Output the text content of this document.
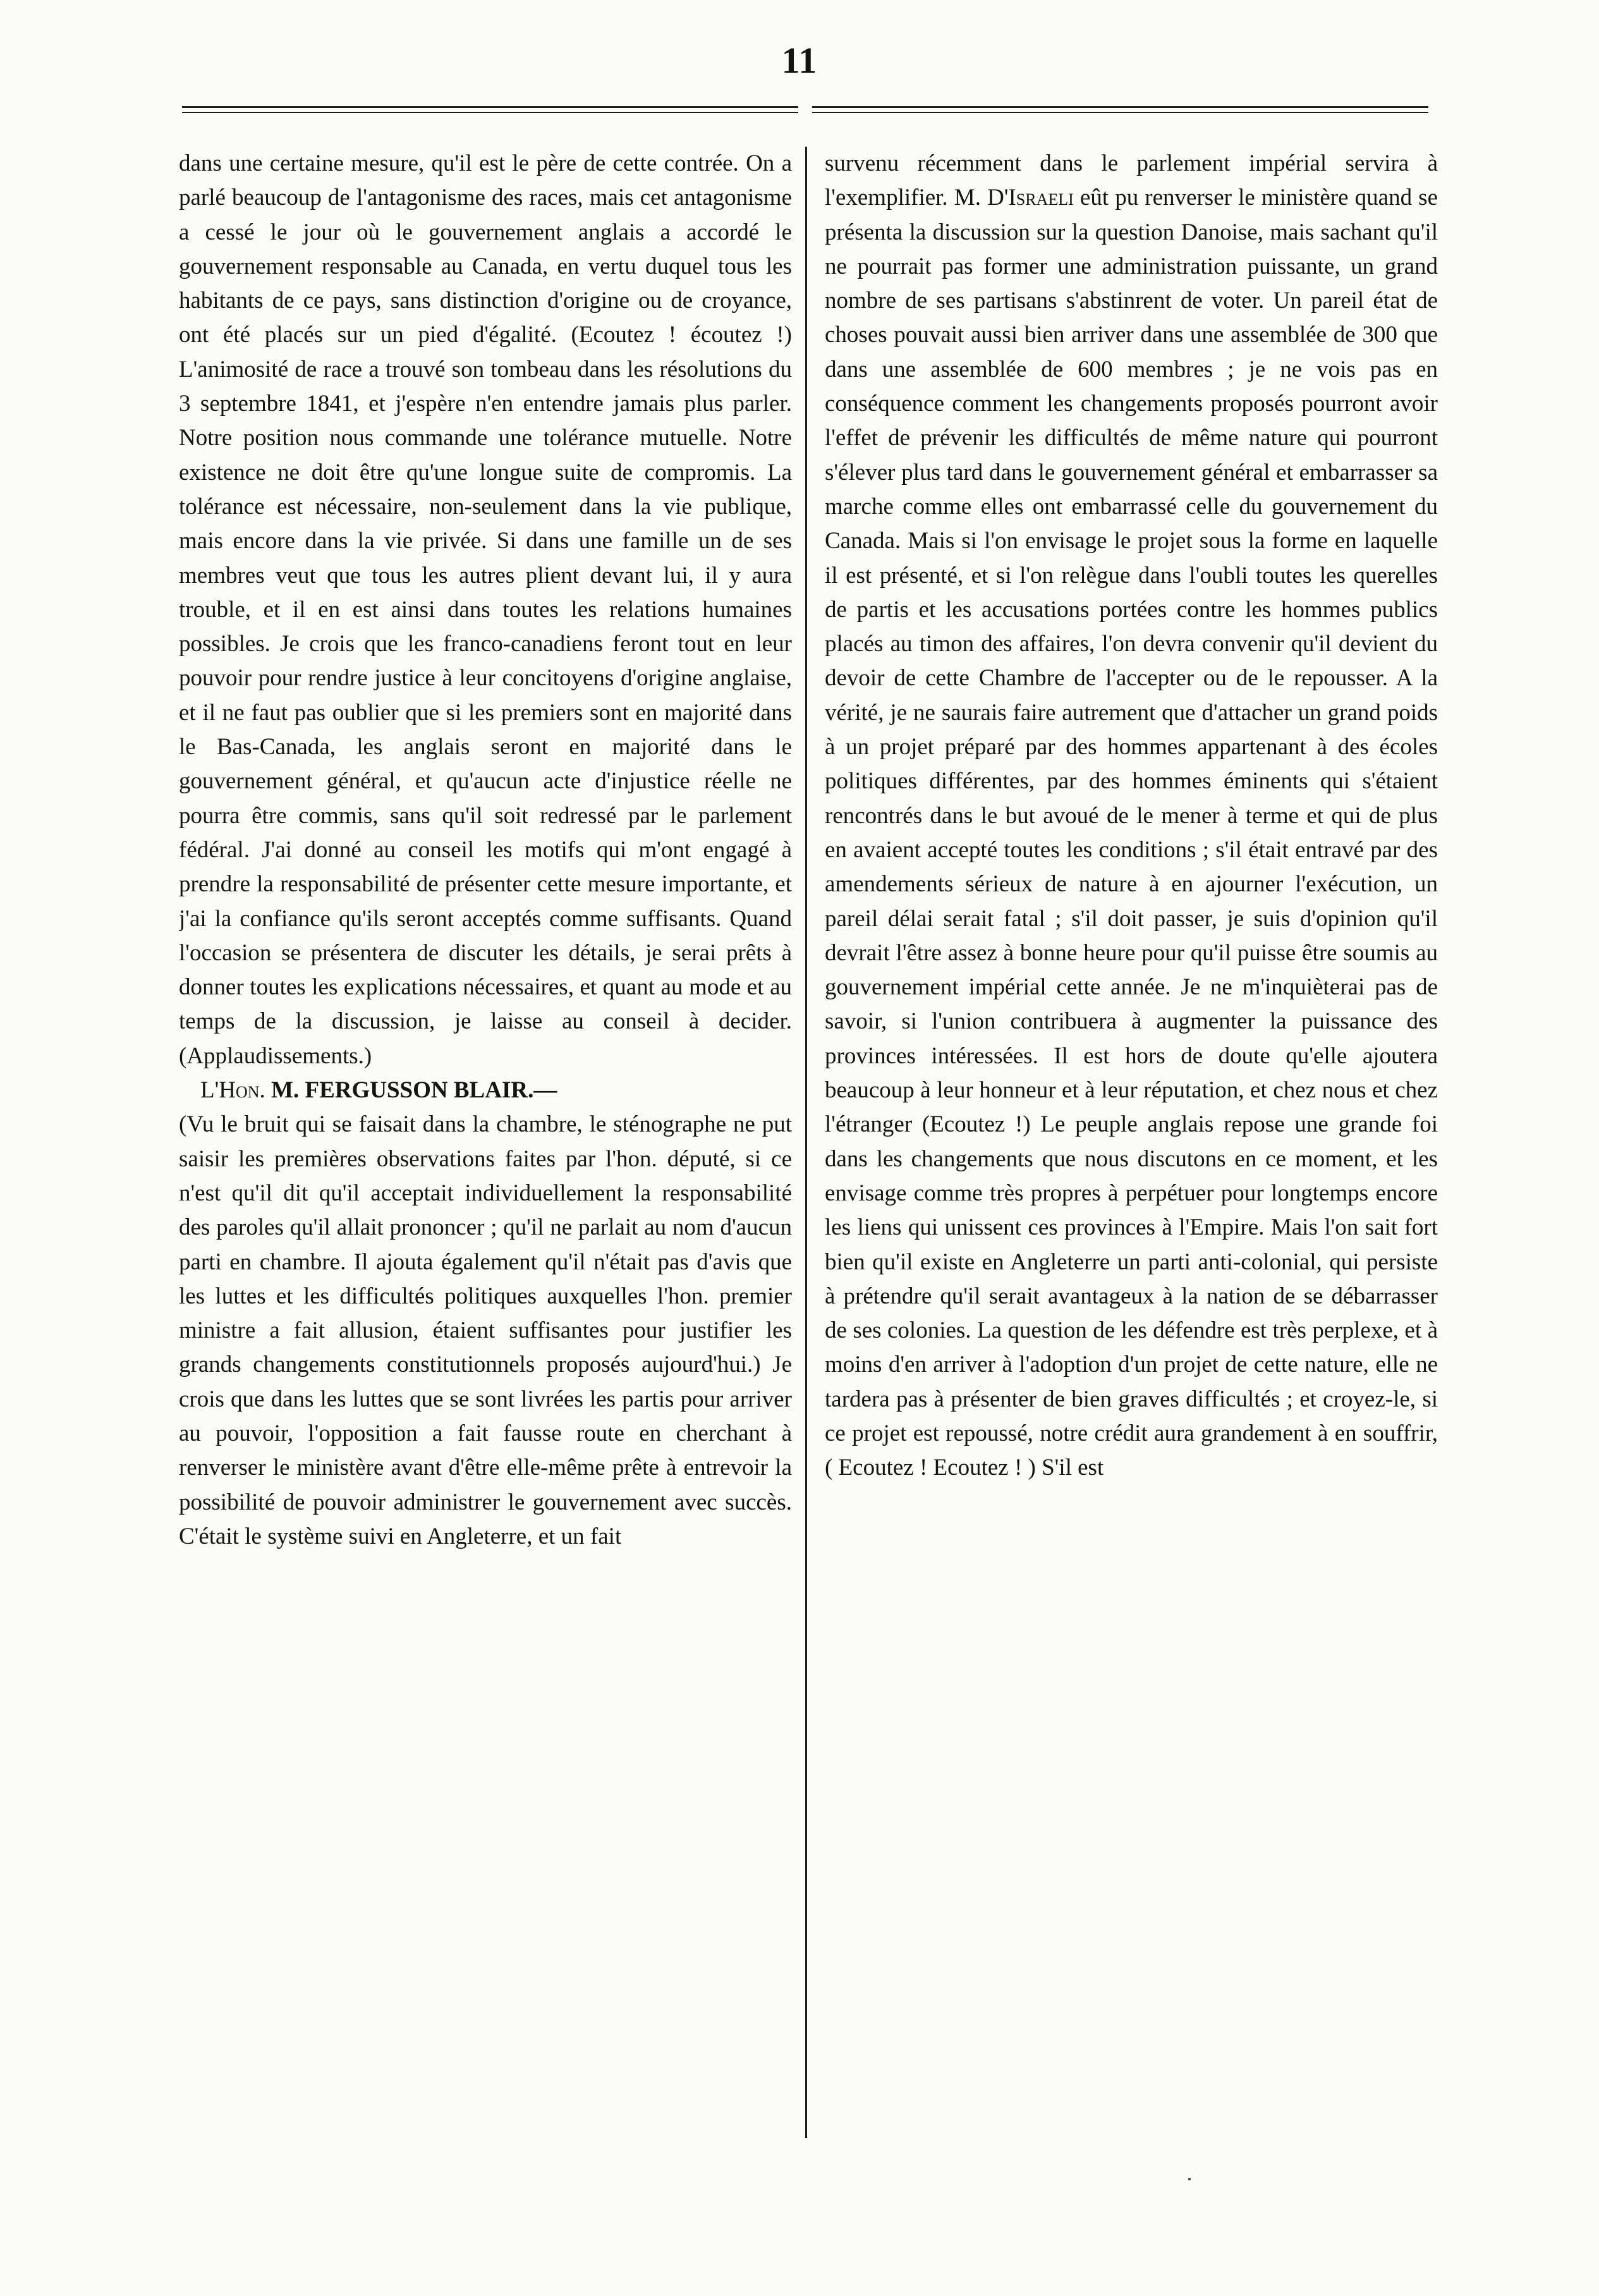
11

dans une certaine mesure, qu'il est le père de cette contrée. On a parlé beaucoup de l'antagonisme des races, mais cet antagonisme a cessé le jour où le gouvernement anglais a accordé le gouvernement responsable au Canada, en vertu duquel tous les habitants de ce pays, sans distinction d'origine ou de croyance, ont été placés sur un pied d'égalité. (Ecoutez ! écoutez !) L'animosité de race a trouvé son tombeau dans les résolutions du 3 septembre 1841, et j'espère n'en entendre jamais plus parler. Notre position nous commande une tolérance mutuelle. Notre existence ne doit être qu'une longue suite de compromis. La tolérance est nécessaire, non-seulement dans la vie publique, mais encore dans la vie privée. Si dans une famille un de ses membres veut que tous les autres plient devant lui, il y aura trouble, et il en est ainsi dans toutes les relations humaines possibles. Je crois que les franco-canadiens feront tout en leur pouvoir pour rendre justice à leur concitoyens d'origine anglaise, et il ne faut pas oublier que si les premiers sont en majorité dans le Bas-Canada, les anglais seront en majorité dans le gouvernement général, et qu'aucun acte d'injustice réelle ne pourra être commis, sans qu'il soit redressé par le parlement fédéral. J'ai donné au conseil les motifs qui m'ont engagé à prendre la responsabilité de présenter cette mesure importante, et j'ai la confiance qu'ils seront acceptés comme suffisants. Quand l'occasion se présentera de discuter les détails, je serai prêts à donner toutes les explications nécessaires, et quant au mode et au temps de la discussion, je laisse au conseil à decider. (Applaudissements.)

L'Hon. M. FERGUSSON BLAIR.—

(Vu le bruit qui se faisait dans la chambre, le sténographe ne put saisir les premières observations faites par l'hon. député, si ce n'est qu'il dit qu'il acceptait individuellement la responsabilité des paroles qu'il allait prononcer ; qu'il ne parlait au nom d'aucun parti en chambre. Il ajouta également qu'il n'était pas d'avis que les luttes et les difficultés politiques auxquelles l'hon. premier ministre a fait allusion, étaient suffisantes pour justifier les grands changements constitutionnels proposés aujourd'hui.) Je crois que dans les luttes que se sont livrées les partis pour arriver au pouvoir, l'opposition a fait fausse route en cherchant à renverser le ministère avant d'être elle-même prête à entrevoir la possibilité de pouvoir administrer le gouvernement avec succès. C'était le système suivi en Angleterre, et un fait

survenu récemment dans le parlement impérial servira à l'exemplifier. M. D'Israeli eût pu renverser le ministère quand se présenta la discussion sur la question Danoise, mais sachant qu'il ne pourrait pas former une administration puissante, un grand nombre de ses partisans s'abstinrent de voter. Un pareil état de choses pouvait aussi bien arriver dans une assemblée de 300 que dans une assemblée de 600 membres ; je ne vois pas en conséquence comment les changements proposés pourront avoir l'effet de prévenir les difficultés de même nature qui pourront s'élever plus tard dans le gouvernement général et embarrasser sa marche comme elles ont embarrassé celle du gouvernement du Canada. Mais si l'on envisage le projet sous la forme en laquelle il est présenté, et si l'on relègue dans l'oubli toutes les querelles de partis et les accusations portées contre les hommes publics placés au timon des affaires, l'on devra convenir qu'il devient du devoir de cette Chambre de l'accepter ou de le repousser. A la vérité, je ne saurais faire autrement que d'attacher un grand poids à un projet préparé par des hommes appartenant à des écoles politiques différentes, par des hommes éminents qui s'étaient rencontrés dans le but avoué de le mener à terme et qui de plus en avaient accepté toutes les conditions ; s'il était entravé par des amendements sérieux de nature à en ajourner l'exécution, un pareil délai serait fatal ; s'il doit passer, je suis d'opinion qu'il devrait l'être assez à bonne heure pour qu'il puisse être soumis au gouvernement impérial cette année. Je ne m'inquièterai pas de savoir, si l'union contribuera à augmenter la puissance des provinces intéressées. Il est hors de doute qu'elle ajoutera beaucoup à leur honneur et à leur réputation, et chez nous et chez l'étranger (Ecoutez !) Le peuple anglais repose une grande foi dans les changements que nous discutons en ce moment, et les envisage comme très propres à perpétuer pour longtemps encore les liens qui unissent ces provinces à l'Empire. Mais l'on sait fort bien qu'il existe en Angleterre un parti anti-colonial, qui persiste à prétendre qu'il serait avantageux à la nation de se débarrasser de ses colonies. La question de les défendre est très perplexe, et à moins d'en arriver à l'adoption d'un projet de cette nature, elle ne tardera pas à présenter de bien graves difficultés ; et croyez-le, si ce projet est repoussé, notre crédit aura grandement à en souffrir, ( Ecoutez ! Ecoutez ! ) S'il est
